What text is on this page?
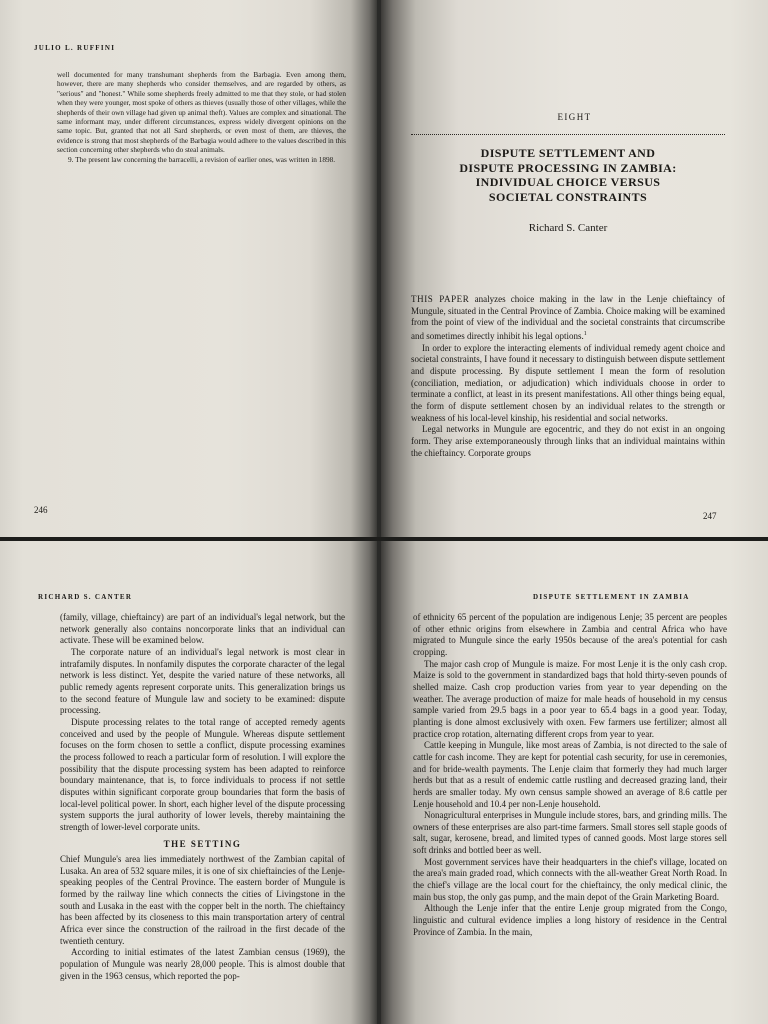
JULIO L. RUFFINI

well documented for many transhumant shepherds from the Barbagia. Even among them, however, there are many shepherds who consider themselves, and are regarded by others, as "serious" and "honest." While some shepherds freely admitted to me that they stole, or had stolen when they were younger, most spoke of others as thieves (usually those of other villages, while the shepherds of their own village had given up animal theft). Values are complex and situational. The same informant may, under different circumstances, express widely divergent opinions on the same topic. But, granted that not all Sard shepherds, or even most of them, are thieves, the evidence is strong that most shepherds of the Barbagia would adhere to the values described in this section concerning other shepherds who do steal animals.

9. The present law concerning the barracelli, a revision of earlier ones, was written in 1898.

246
EIGHT
DISPUTE SETTLEMENT AND
DISPUTE PROCESSING IN ZAMBIA:
INDIVIDUAL CHOICE VERSUS
SOCIETAL CONSTRAINTS
Richard S. Canter

THIS PAPER analyzes choice making in the law in the Lenje chieftaincy of Mungule, situated in the Central Province of Zambia. Choice making will be examined from the point of view of the individual and the societal constraints that circumscribe and sometimes directly inhibit his legal options.$^1$

In order to explore the interacting elements of individual remedy agent choice and societal constraints, I have found it necessary to distinguish between dispute settlement and dispute processing. By dispute settlement I mean the form of resolution (conciliation, mediation, or adjudication) which individuals choose in order to terminate a conflict, at least in its present manifestations. All other things being equal, the form of dispute settlement chosen by an individual relates to the strength or weakness of his local-level kinship, his residential and social networks.

Legal networks in Mungule are egocentric, and they do not exist in an ongoing form. They arise extemporaneously through links that an individual maintains within the chieftaincy. Corporate groups

247
RICHARD S. CANTER

(family, village, chieftaincy) are part of an individual's legal network, but the network generally also contains noncorporate links that an individual can activate. These will be examined below.

The corporate nature of an individual's legal network is most clear in intrafamily disputes. In nonfamily disputes the corporate character of the legal network is less distinct. Yet, despite the varied nature of these networks, all public remedy agents represent corporate units. This generalization brings us to the second feature of Mungule law and society to be examined: dispute processing.

Dispute processing relates to the total range of accepted remedy agents conceived and used by the people of Mungule. Whereas dispute settlement focuses on the form chosen to settle a conflict, dispute processing examines the process followed to reach a particular form of resolution. I will explore the possibility that the dispute processing system has been adapted to reinforce boundary maintenance, that is, to force individuals to process if not settle disputes within significant corporate group boundaries that form the basis of local-level political power. In short, each higher level of the dispute processing system supports the jural authority of lower levels, thereby maintaining the strength of lower-level corporate units.

THE SETTING

Chief Mungule's area lies immediately northwest of the Zambian capital of Lusaka. An area of 532 square miles, it is one of six chieftaincies of the Lenje-speaking peoples of the Central Province. The eastern border of Mungule is formed by the railway line which connects the cities of Livingstone in the south and Lusaka in the east with the copper belt in the north. The chieftaincy has been affected by its closeness to this main transportation artery of central Africa ever since the construction of the railroad in the first decade of the twentieth century.

According to initial estimates of the latest Zambian census (1969), the population of Mungule was nearly 28,000 people. This is almost double that given in the 1963 census, which reported the pop-

DISPUTE SETTLEMENT IN ZAMBIA

of ethnicity 65 percent of the population are indigenous Lenje; 35 percent are peoples of other ethnic origins from elsewhere in Zambia and central Africa who have migrated to Mungule since the early 1950s because of the area's potential for cash cropping.

The major cash crop of Mungule is maize. For most Lenje it is the only cash crop. Maize is sold to the government in standardized bags that hold thirty-seven pounds of shelled maize. Cash crop production varies from year to year depending on the weather. The average production of maize for male heads of household in my census sample varied from 29.5 bags in a poor year to 65.4 bags in a good year. Today, planting is done almost exclusively with oxen. Few farmers use fertilizer; almost all practice crop rotation, alternating different crops from year to year.

Cattle keeping in Mungule, like most areas of Zambia, is not directed to the sale of cattle for cash income. They are kept for potential cash security, for use in ceremonies, and for bride-wealth payments. The Lenje claim that formerly they had much larger herds but that as a result of endemic cattle rustling and decreased grazing land, their herds are smaller today. My own census sample showed an average of 8.6 cattle per Lenje household and 10.4 per non-Lenje household.

Nonagricultural enterprises in Mungule include stores, bars, and grinding mills. The owners of these enterprises are also part-time farmers. Small stores sell staple goods of salt, sugar, kerosene, bread, and limited types of canned goods. Most large stores sell soft drinks and bottled beer as well.

Most government services have their headquarters in the chief's village, located on the area's main graded road, which connects with the all-weather Great North Road. In the chief's village are the local court for the chieftaincy, the only medical clinic, the main bus stop, the only gas pump, and the main depot of the Grain Marketing Board.

Although the Lenje infer that the entire Lenje group migrated from the Congo, linguistic and cultural evidence implies a long history of residence in the Central Province of Zambia. In the main,
